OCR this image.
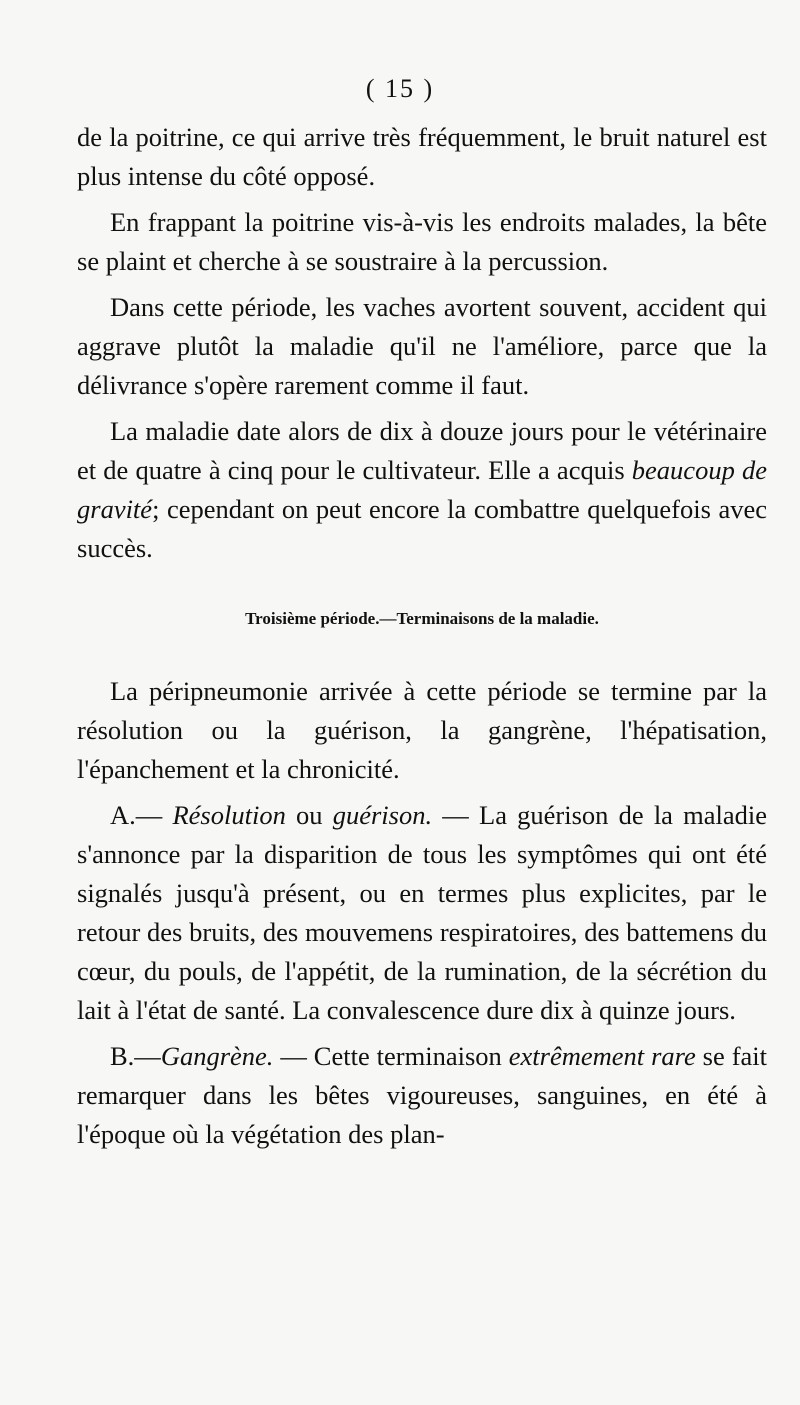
( 15 )

de la poitrine, ce qui arrive très fréquemment, le bruit naturel est plus intense du côté opposé.

En frappant la poitrine vis-à-vis les endroits malades, la bête se plaint et cherche à se soustraire à la percussion.

Dans cette période, les vaches avortent souvent, accident qui aggrave plutôt la maladie qu'il ne l'améliore, parce que la délivrance s'opère rarement comme il faut.

La maladie date alors de dix à douze jours pour le vétérinaire et de quatre à cinq pour le cultivateur. Elle a acquis beaucoup de gravité; cependant on peut encore la combattre quelquefois avec succès.

Troisième période.—Terminaisons de la maladie.

La péripneumonie arrivée à cette période se termine par la résolution ou la guérison, la gangrène, l'hépatisation, l'épanchement et la chronicité.

A.— Résolution ou guérison. — La guérison de la maladie s'annonce par la disparition de tous les symptômes qui ont été signalés jusqu'à présent, ou en termes plus explicites, par le retour des bruits, des mouvemens respiratoires, des battemens du cœur, du pouls, de l'appétit, de la rumination, de la sécrétion du lait à l'état de santé. La convalescence dure dix à quinze jours.

B.—Gangrène. — Cette terminaison extrêmement rare se fait remarquer dans les bêtes vigoureuses, sanguines, en été à l'époque où la végétation des plan-
